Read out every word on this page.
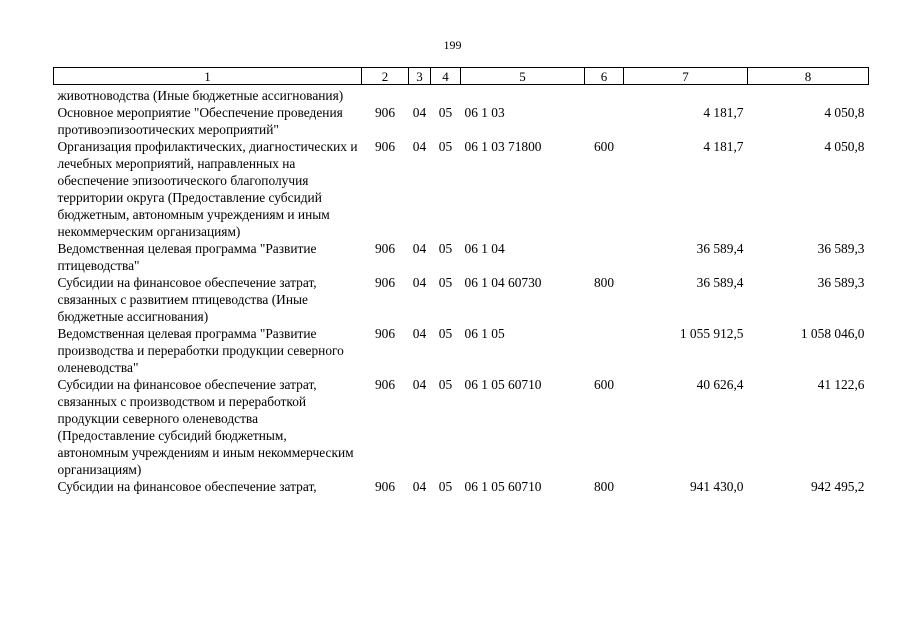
199
1	2	3	4	5	6	7	8
животноводства (Иные бюджетные ассигнования)							
Основное мероприятие "Обеспечение проведения противоэпизоотических мероприятий"	906	04	05	06 1 03		4 181,7	4 050,8
Организация профилактических, диагностических и лечебных мероприятий, направленных на обеспечение эпизоотического благополучия территории округа (Предоставление субсидий бюджетным, автономным учреждениям и иным некоммерческим организациям)	906	04	05	06 1 03 71800	600	4 181,7	4 050,8
Ведомственная целевая программа "Развитие птицеводства"	906	04	05	06 1 04		36 589,4	36 589,3
Субсидии на финансовое обеспечение затрат, связанных с развитием птицеводства (Иные бюджетные ассигнования)	906	04	05	06 1 04 60730	800	36 589,4	36 589,3
Ведомственная целевая программа "Развитие производства и переработки продукции северного оленеводства"	906	04	05	06 1 05		1 055 912,5	1 058 046,0
Субсидии на финансовое обеспечение затрат, связанных с производством и переработкой продукции северного оленеводства (Предоставление субсидий бюджетным, автономным учреждениям и иным некоммерческим организациям)	906	04	05	06 1 05 60710	600	40 626,4	41 122,6
Субсидии на финансовое обеспечение затрат,	906	04	05	06 1 05 60710	800	941 430,0	942 495,2
